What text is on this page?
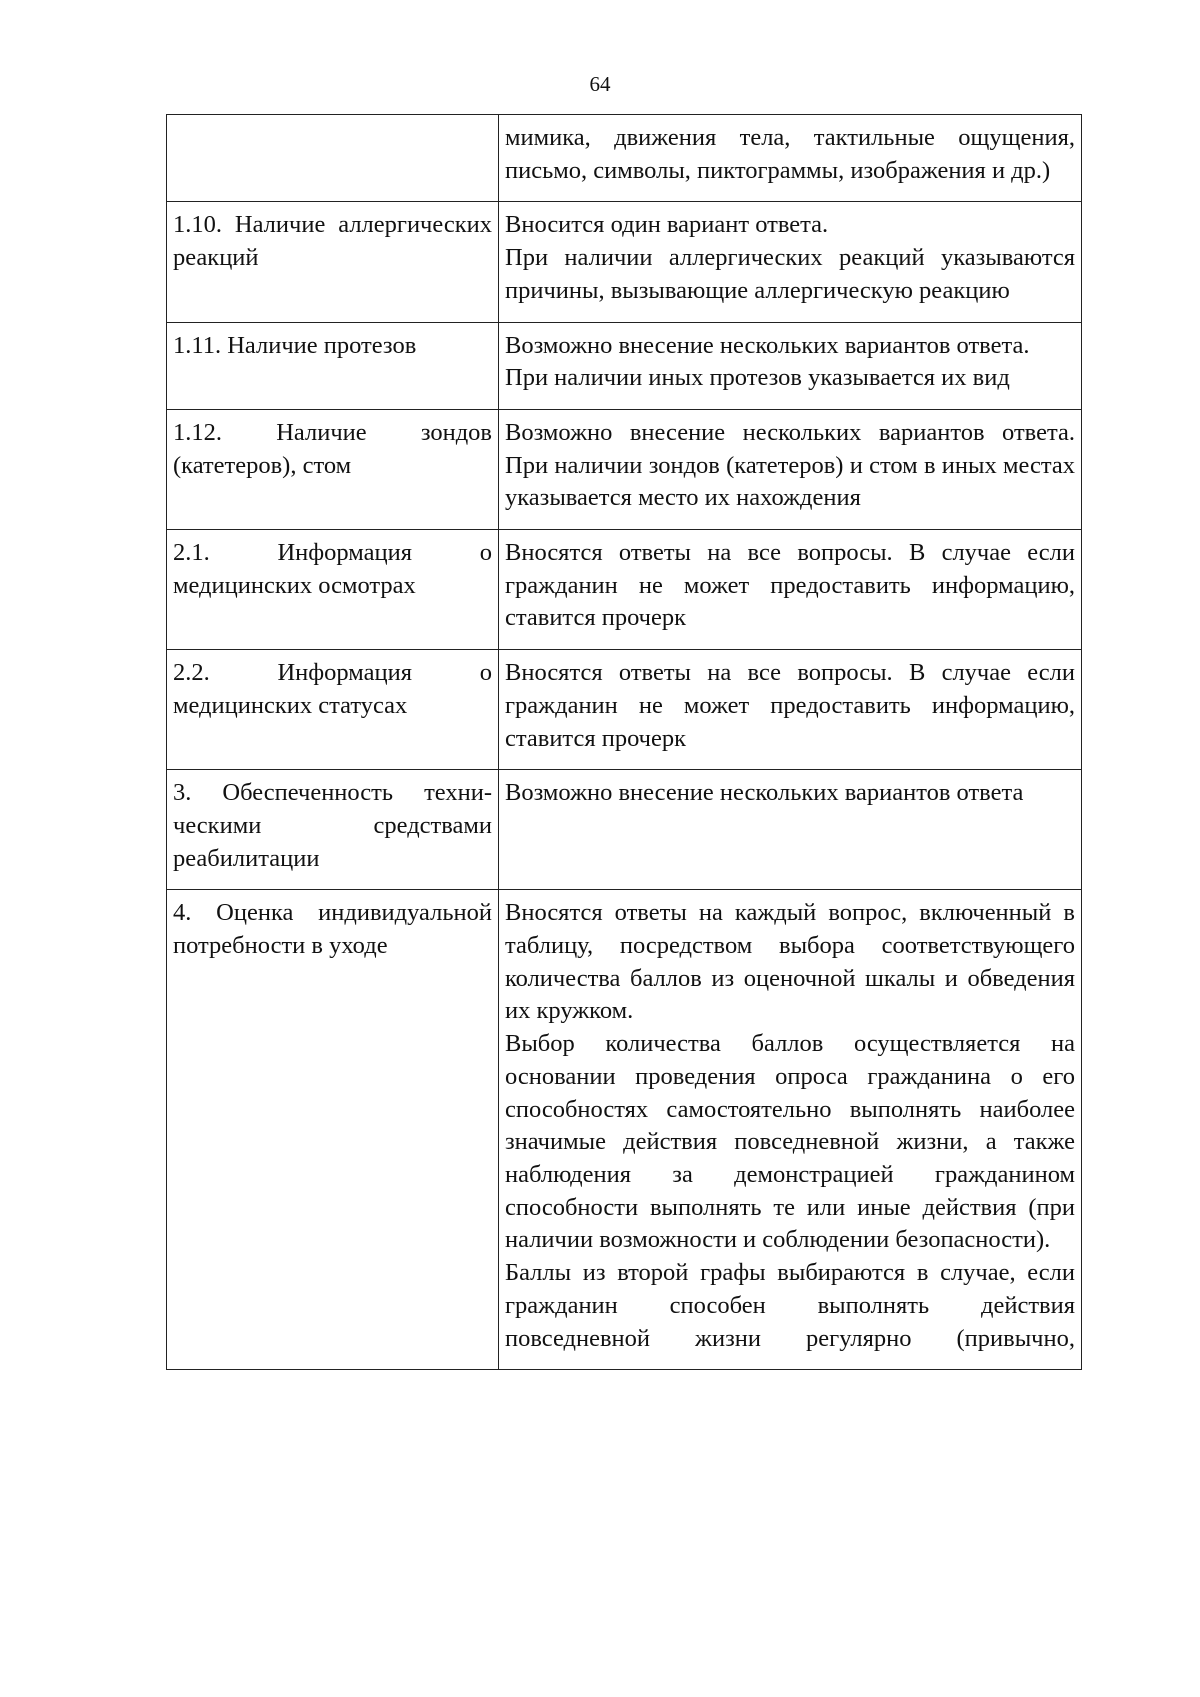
64

	мимика, движения тела, тактильные ощущения, письмо, символы, пиктограммы, изображения и др.)

1.10. Наличие аллергических реакций	Вносится один вариант ответа.

При наличии аллергических реакций указываются причины, вызывающие аллергическую реакцию

1.11. Наличие протезов	Возможно внесение нескольких вариантов ответа.

При наличии иных протезов указывается их вид

1.12. Наличие зондов (катетеров), стом	Возможно внесение нескольких вариантов ответа. При наличии зондов (катетеров) и стом в иных местах указывается место их нахождения

2.1. Информация о медицинских осмотрах	Вносятся ответы на все вопросы. В случае если гражданин не может предоставить информацию, ставится прочерк

2.2. Информация о медицинских статусах	Вносятся ответы на все вопросы. В случае если гражданин не может предоставить информацию, ставится прочерк

3. Обеспеченность техническими средствами реабилитации	Возможно внесение нескольких вариантов ответа

4. Оценка индивидуальной потребности в уходе	Вносятся ответы на каждый вопрос, включенный в таблицу, посредством выбора соответствующего количества баллов из оценочной шкалы и обведения их кружком.

Выбор количества баллов осуществляется на основании проведения опроса гражданина о его способностях самостоятельно выполнять наиболее значимые действия повседневной жизни, а также наблюдения за демонстрацией гражданином способности выполнять те или иные действия (при наличии возможности и соблюдении безопасности).

Баллы из второй графы выбираются в случае, если гражданин способен выполнять действия повседневной жизни регулярно (привычно,
